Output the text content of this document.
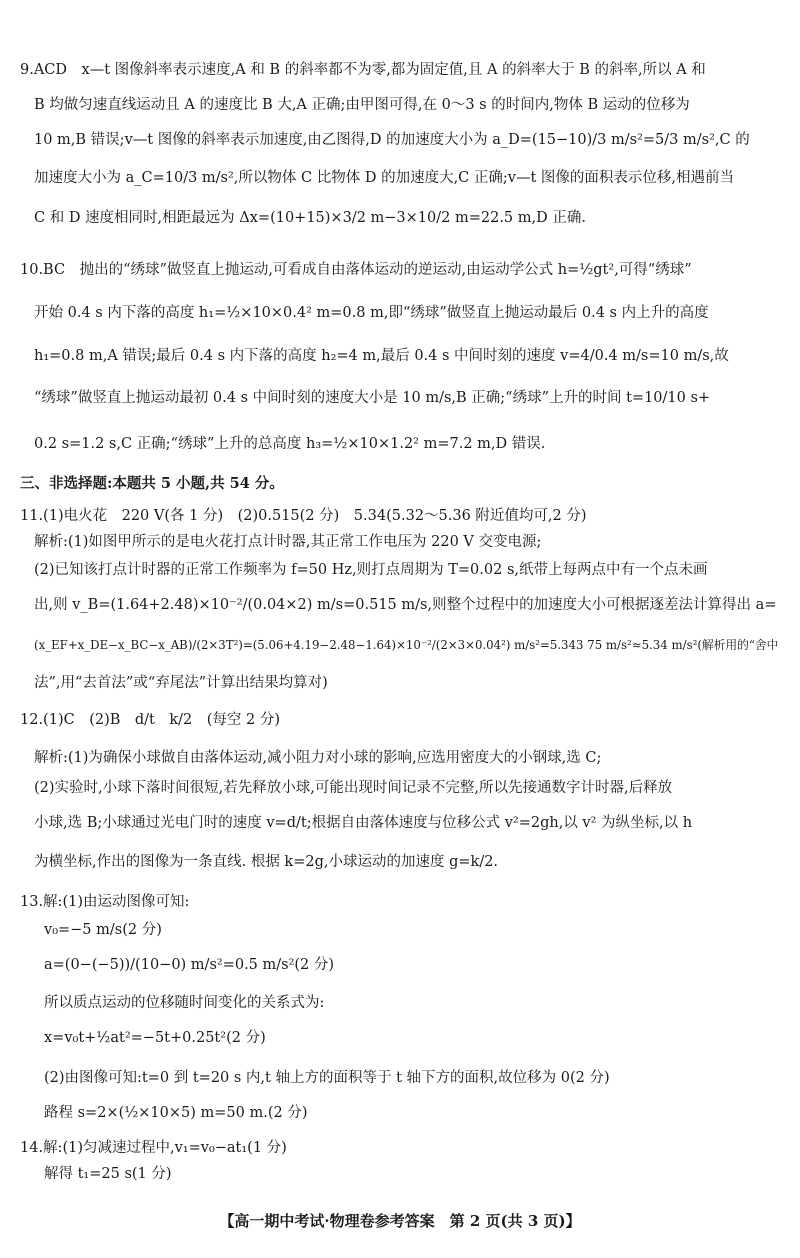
9.ACD　x—t 图像斜率表示速度,A 和 B 的斜率都不为零,都为固定值,且 A 的斜率大于 B 的斜率,所以 A 和
B 均做匀速直线运动且 A 的速度比 B 大,A 正确;由甲图可得,在 0～3 s 的时间内,物体 B 运动的位移为
10 m,B 错误;v—t 图像的斜率表示加速度,由乙图得,D 的加速度大小为 a_D=(15−10)/3 m/s²=5/3 m/s²,C 的
加速度大小为 a_C=10/3 m/s²,所以物体 C 比物体 D 的加速度大,C 正确;v—t 图像的面积表示位移,相遇前当
C 和 D 速度相同时,相距最远为 Δx=(10+15)×3/2 m−3×10/2 m=22.5 m,D 正确.
10.BC　抛出的“绣球”做竖直上抛运动,可看成自由落体运动的逆运动,由运动学公式 h=½gt²,可得“绣球”
开始 0.4 s 内下落的高度 h₁=½×10×0.4² m=0.8 m,即“绣球”做竖直上抛运动最后 0.4 s 内上升的高度
h₁=0.8 m,A 错误;最后 0.4 s 内下落的高度 h₂=4 m,最后 0.4 s 中间时刻的速度 v=4/0.4 m/s=10 m/s,故
“绣球”做竖直上抛运动最初 0.4 s 中间时刻的速度大小是 10 m/s,B 正确;“绣球”上升的时间 t=10/10 s+
0.2 s=1.2 s,C 正确;“绣球”上升的总高度 h₃=½×10×1.2² m=7.2 m,D 错误.
三、非选择题:本题共 5 小题,共 54 分。
11.(1)电火花　220 V(各 1 分)　(2)0.515(2 分)　5.34(5.32～5.36 附近值均可,2 分)
解析:(1)如图甲所示的是电火花打点计时器,其正常工作电压为 220 V 交变电源;
(2)已知该打点计时器的正常工作频率为 f=50 Hz,则打点周期为 T=0.02 s,纸带上每两点中有一个点未画
出,则 v_B=(1.64+2.48)×10⁻²/(0.04×2) m/s=0.515 m/s,则整个过程中的加速度大小可根据逐差法计算得出 a=
(x_EF+x_DE−x_BC−x_AB)/(2×3T²)=(5.06+4.19−2.48−1.64)×10⁻²/(2×3×0.04²) m/s²=5.343 75 m/s²≈5.34 m/s²(解析用的“舍中
法”,用“去首法”或“弃尾法”计算出结果均算对)
12.(1)C　(2)B　d/t　k/2　(每空 2 分)
解析:(1)为确保小球做自由落体运动,减小阻力对小球的影响,应选用密度大的小钢球,选 C;
(2)实验时,小球下落时间很短,若先释放小球,可能出现时间记录不完整,所以先接通数字计时器,后释放
小球,选 B;小球通过光电门时的速度 v=d/t;根据自由落体速度与位移公式 v²=2gh,以 v² 为纵坐标,以 h
为横坐标,作出的图像为一条直线. 根据 k=2g,小球运动的加速度 g=k/2.
13.解:(1)由运动图像可知:
v₀=−5 m/s(2 分)
a=(0−(−5))/(10−0) m/s²=0.5 m/s²(2 分)
所以质点运动的位移随时间变化的关系式为:
x=v₀t+½at²=−5t+0.25t²(2 分)
(2)由图像可知:t=0 到 t=20 s 内,t 轴上方的面积等于 t 轴下方的面积,故位移为 0(2 分)
路程 s=2×(½×10×5) m=50 m.(2 分)
14.解:(1)匀减速过程中,v₁=v₀−at₁(1 分)
解得 t₁=25 s(1 分)
【高一期中考试·物理卷参考答案　第 2 页(共 3 页)】
